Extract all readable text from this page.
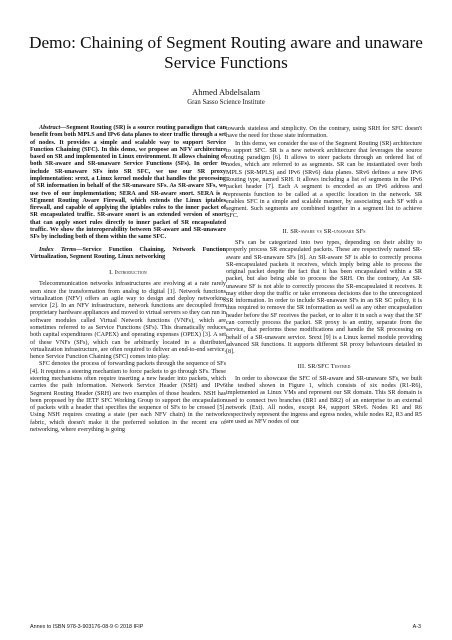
Demo: Chaining of Segment Routing aware and unaware Service Functions
Ahmed Abdelsalam
Gran Sasso Science Institute

Abstract—Segment Routing (SR) is a source routing paradigm that can benefit from both MPLS and IPv6 data planes to steer traffic through a set of nodes. It provides a simple and scalable way to support Service Function Chaining (SFC). In this demo, we propose an NFV architecture based on SR and implemented in Linux environment. It allows chaining of both SR-aware and SR-unaware Service Functions (SFs). In order to include SR-unaware SFs into SR SFC, we use our SR proxy implementation: srext, a Linux kernel module that handles the processing of SR information in behalf of the SR-unaware SFs. As SR-aware SFs, we use two of our implementation; SERA and SR-aware snort. SERA is a SEgment Routing Aware Firewall, which extends the Linux iptables firewall, and capable of applying the iptables rules to the inner packet of SR encapsulated traffic. SR-aware snort is an extended version of snort that can apply snort rules directly to inner packet of SR encapsulated traffic. We show the interoperability between SR-aware and SR-unaware SFs by including both of them within the same SFC.

Index Terms—Service Function Chaining, Network Function Virtualization, Segment Routing, Linux networking

I. Introduction

Telecommunication networks infrastructures are evolving at a rate rarely seen since the transformation from analog to digital [1]. Network functions virtualization (NFV) offers an agile way to design and deploy networking service [2]. In an NFV infrastructure, network functions are decoupled from proprietary hardware appliances and moved to virtual servers so they can run in software modules called Virtual Network functions (VNFs), which are sometimes referred to as Service Functions (SFs). This dramatically reduces both capital expenditures (CAPEX) and operating expenses (OPEX) [3]. A set of these VNFs (SFs), which can be arbitrarily located in a distributed virtualization infrastructure, are often required to deliver an end-to-end service, hence Service Function Chaining (SFC) comes into play.

SFC denotes the process of forwarding packets through the sequence of SFs [4]. It requires a steering mechanism to force packets to go through SFs. These steering mechanisms often require inserting a new header into packets, which carries the path information. Network Service Header (NSH) and IPv6 Segment Routing Header (SRH) are two examples of those headers. NSH has been proposed by the IETF SFC Working Group to support the encapsulation of packets with a header that specifies the sequence of SFs to be crossed [5]. Using NSH requires creating a state (per each NFV chain) in the network fabric, which doesn't make it the preferred solution in the recent era of networking, where everything is going

towards stateless and simplicity. On the contrary, using SRH for SFC doesn't have the need for those state information.

In this demo, we consider the use of the Segment Routing (SR) architecture to support SFC. SR is a new network architecture that leverages the source routing paradigm [6]. It allows to steer packets through an ordered list of nodes, which are referred to as segments. SR can be instantiated over both MPLS (SR-MPLS) and IPv6 (SRv6) data planes. SRv6 defines a new IPv6 Routing type, named SRH. It allows including a list of segments in the IPv6 packet header [7]. Each A segment is encoded as an IPv6 address and represents function to be called at a specific location in the network. SR enables SFC in a simple and scalable manner, by associating each SF with a segment. Such segments are combined together in a segment list to achieve SFC.

II. SR-aware vs SR-unaware SFs

SFs can be categorized into two types, depending on their ability to properly process SR encapsulated packets. These are respectively named SR-aware and SR-unaware SFs [8]. An SR-aware SF is able to correctly process SR-encapsulated packets it receives, which imply being able to process the original packet despite the fact that it has been encapsulated within a SR packet, but also being able to process the SRH. On the contrary, An SR-unaware SF is not able to correctly process the SR-encapsulated it receives. It may either drop the traffic or take erroneous decisions due to the unrecognized SR information. In order to include SR-unaware SFs in an SR SC policy, it is thus required to remove the SR information as well as any other encapsulation header before the SF receives the packet, or to alter it in such a way that the SF can correctly process the packet. SR proxy is an entity, separate from the service, that performs these modifications and handle the SR processing on behalf of a SR-unaware service. Srext [9] is a Linux kernel module providing advanced SR functions. It supports different SR proxy behaviours detailed in [8].

III. SR/SFC Testbed

In order to showcase the SFC of SR-aware and SR-unaware SFs, we built the testbed shown in Figure 1, which consists of six nodes (R1-R6), implemented as Linux VMs and represent our SR domain. This SR domain is used to connect two branches (BR1 and BR2) of an enterprise to an external network (Ext). All nodes, except R4, support SRv6. Nodes R1 and R6 respectively represent the ingress and egress nodes, while nodes R2, R3 and R5 are used as NFV nodes of our

Annex to ISBN 978-3-903176-08-9 © 2018 IFIP	A-3
